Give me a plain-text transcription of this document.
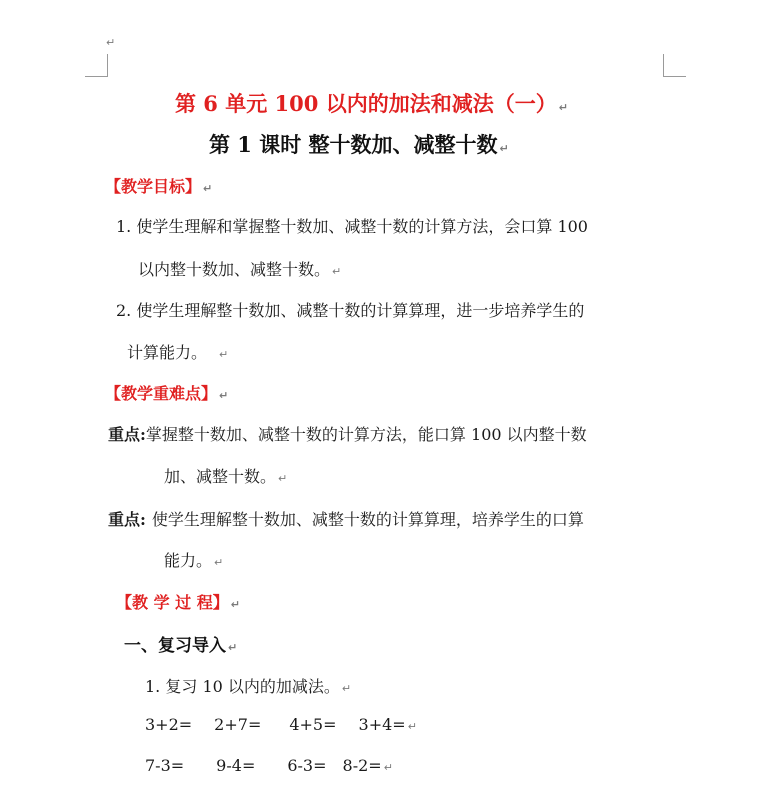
↵
第 6 单元 100 以内的加法和减法（一） ↵
第 1 课时 整十数加、减整十数 ↵
【教学目标】 ↵
1. 使学生理解和掌握整十数加、减整十数的计算方法，会口算 100
以内整十数加、减整十数。 ↵
2. 使学生理解整十数加、减整十数的计算算理，进一步培养学生的
计算能力。 ↵
【教学重难点】 ↵
重点:掌握整十数加、减整十数的计算方法，能口算 100 以内整十数
加、减整十数。 ↵
重点: 使学生理解整十数加、减整十数的计算算理，培养学生的口算
能力。 ↵
【教 学 过 程】 ↵
一、复习导入 ↵
1. 复习 10 以内的加减法。 ↵
3+2= 2+7= 4+5= 3+4= ↵
7-3= 9-4= 6-3= 8-2= ↵
